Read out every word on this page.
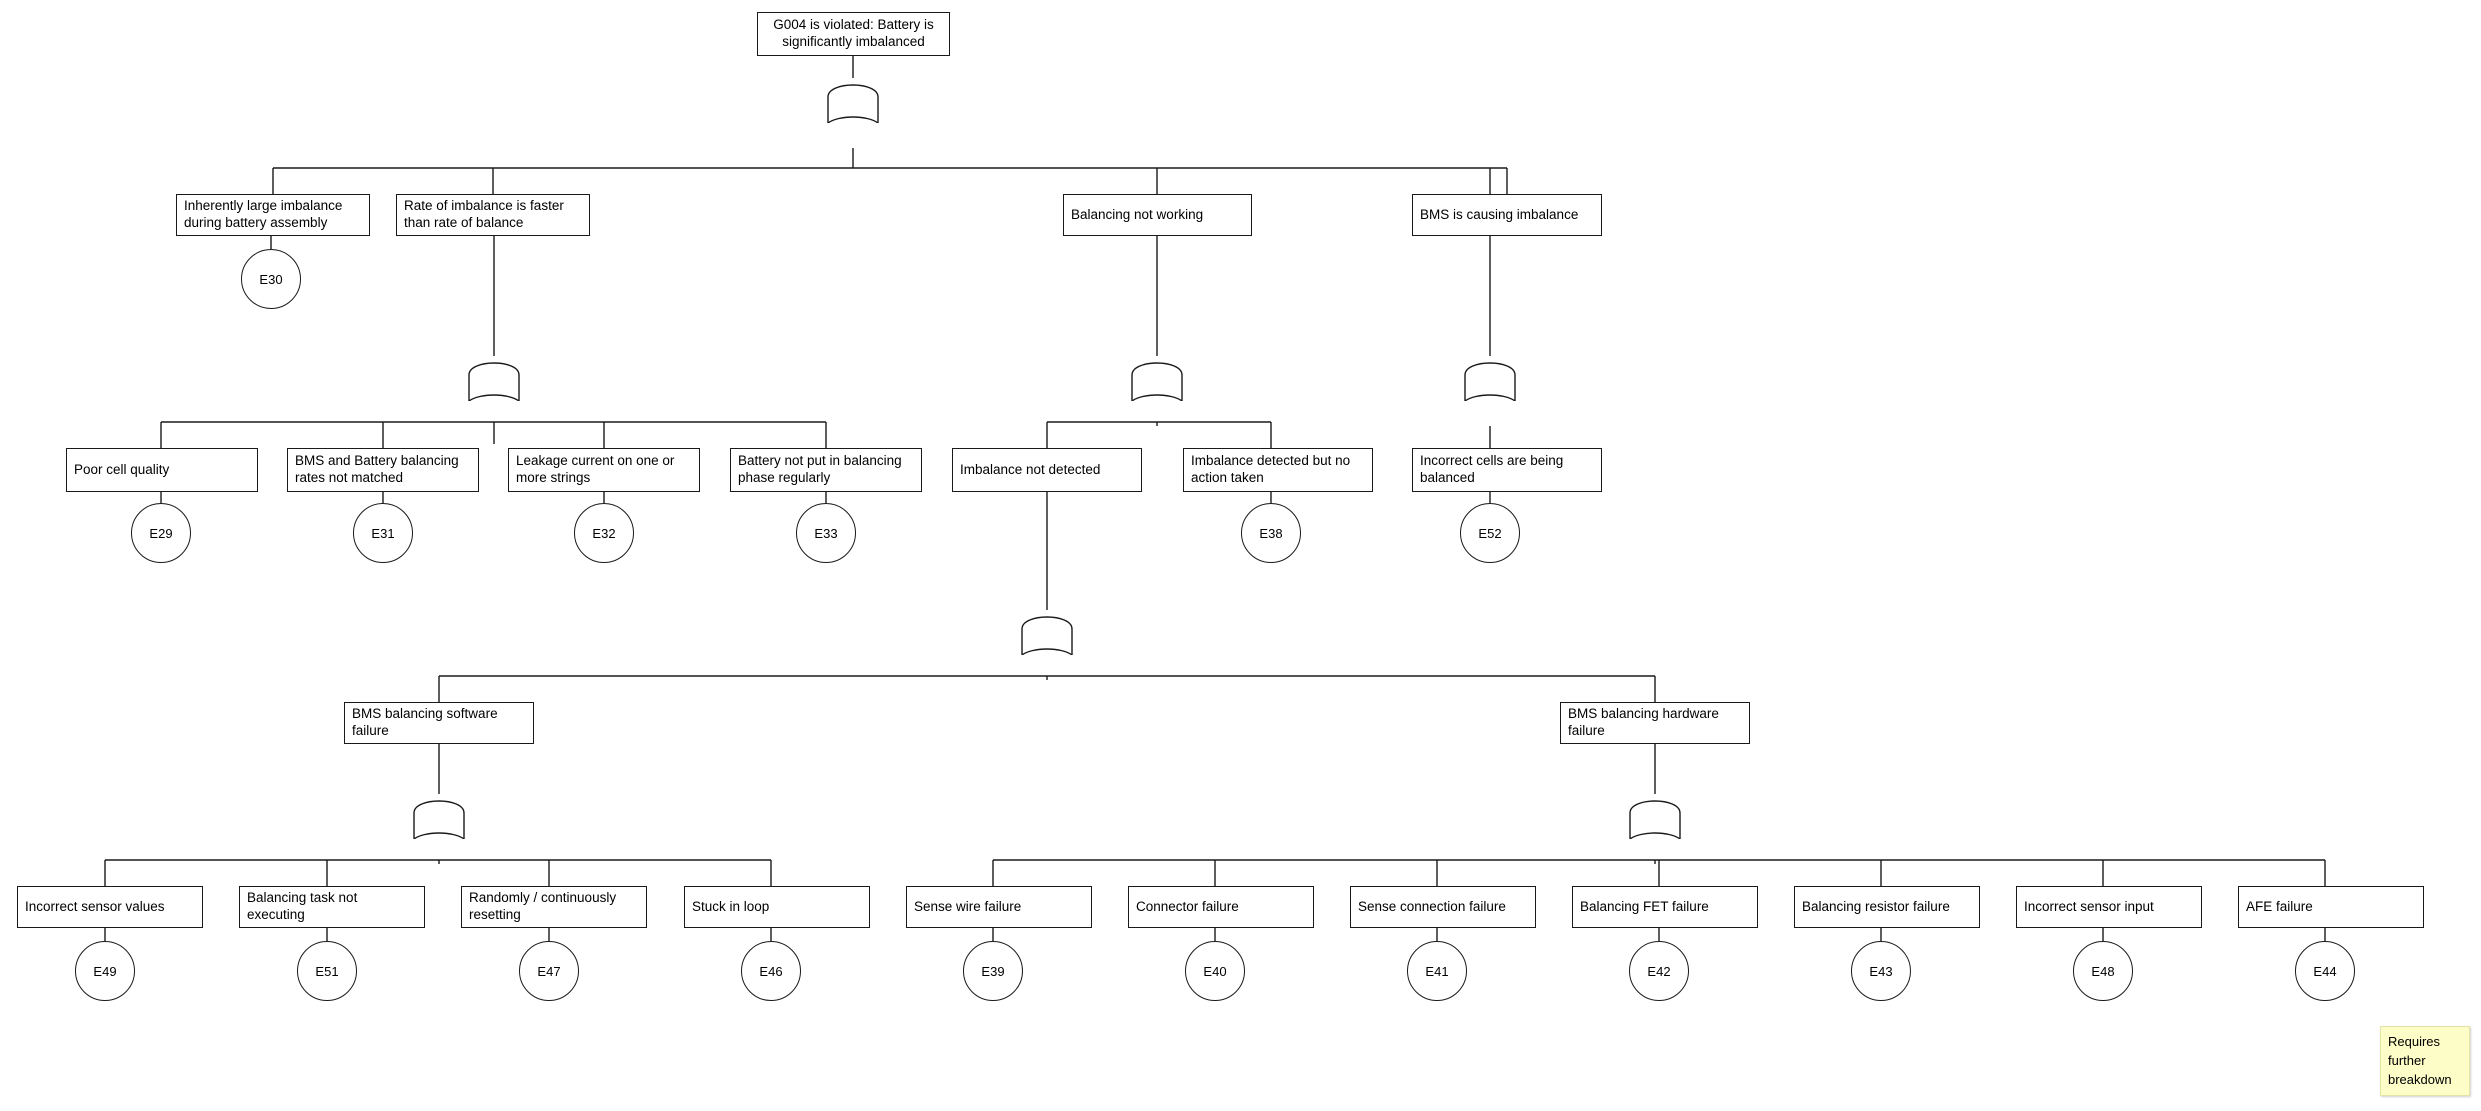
G004 is violated: Battery is significantly imbalanced
Inherently large imbalance during battery assembly
Rate of imbalance is faster than rate of balance
Balancing not working	BMS is causing imbalance
Poor cell quality
BMS and Battery balancing rates not matched
Leakage current on one or more strings
Battery not put in balancing phase regularly
Imbalance not detected
Imbalance detected but no action taken
Incorrect cells are being balanced
BMS balancing software failure
BMS balancing hardware failure
Incorrect sensor values
Balancing task not executing
Randomly / continuously resetting
Stuck in loop	Sense wire failure	Connector failure	Sense connection failure	Balancing FET failure	Balancing resistor failure	Incorrect sensor input	AFE failure
E30
E29	E31	E32	E33	E38	E52
E49	E51	E47	E46	E39	E40	E41	E42	E43	E48	E44
Requires further breakdown
